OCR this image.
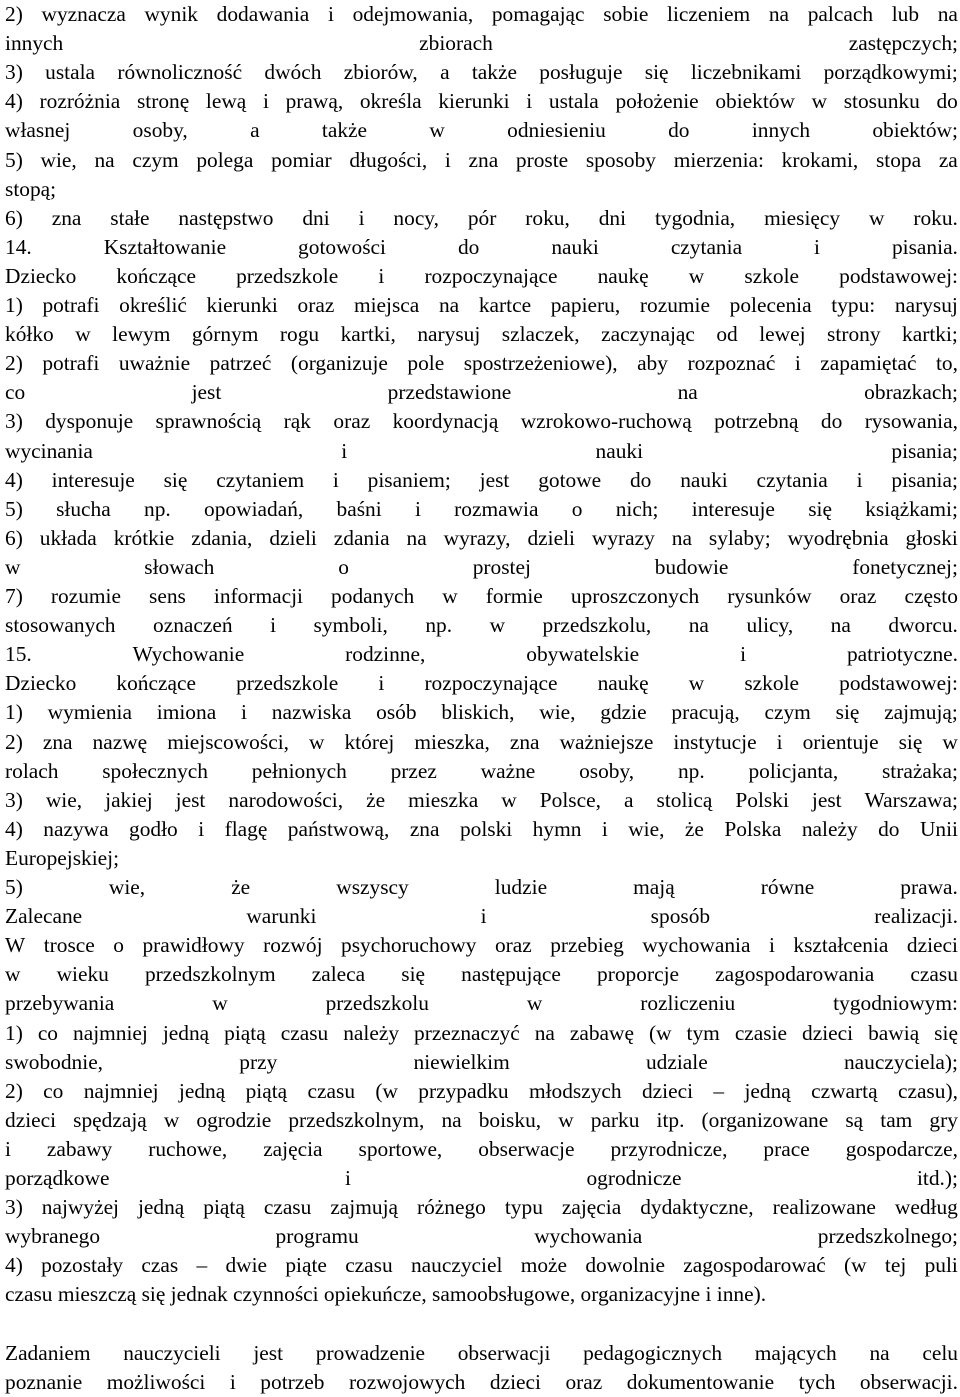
2) wyznacza wynik dodawania i odejmowania, pomagając sobie liczeniem na palcach lub na
innych	zbiorach	zastępczych;
3) ustala równoliczność dwóch zbiorów, a także posługuje się liczebnikami porządkowymi;
4) rozróżnia stronę lewą i prawą, określa kierunki i ustala położenie obiektów w stosunku do
własnej	osoby,	a	także	w	odniesieniu	do	innych	obiektów;
5) wie, na czym polega pomiar długości, i zna proste sposoby mierzenia: krokami, stopa za
stopą;
6) zna stałe następstwo dni i nocy, pór roku, dni tygodnia, miesięcy w roku.
14.	Kształtowanie	gotowości	do	nauki	czytania	i	pisania.
Dziecko kończące przedszkole i rozpoczynające naukę w szkole podstawowej:
1) potrafi określić kierunki oraz miejsca na kartce papieru, rozumie polecenia typu: narysuj
kółko w lewym górnym rogu kartki, narysuj szlaczek, zaczynając od lewej strony kartki;
2) potrafi uważnie patrzeć (organizuje pole spostrzeżeniowe), aby rozpoznać i zapamiętać to,
co	jest	przedstawione	na	obrazkach;
3) dysponuje sprawnością rąk oraz koordynacją wzrokowo-ruchową potrzebną do rysowania,
wycinania	i	nauki	pisania;
4) interesuje się czytaniem i pisaniem; jest gotowe do nauki czytania i pisania;
5) słucha np. opowiadań, baśni i rozmawia o nich; interesuje się książkami;
6) układa krótkie zdania, dzieli zdania na wyrazy, dzieli wyrazy na sylaby; wyodrębnia głoski
w	słowach	o	prostej	budowie	fonetycznej;
7) rozumie sens informacji podanych w formie uproszczonych rysunków oraz często
stosowanych oznaczeń i symboli, np. w przedszkolu, na ulicy, na dworcu.
15.	Wychowanie	rodzinne,	obywatelskie	i	patriotyczne.
Dziecko kończące przedszkole i rozpoczynające naukę w szkole podstawowej:
1) wymienia imiona i nazwiska osób bliskich, wie, gdzie pracują, czym się zajmują;
2) zna nazwę miejscowości, w której mieszka, zna ważniejsze instytucje i orientuje się w
rolach społecznych pełnionych przez ważne osoby, np. policjanta, strażaka;
3) wie, jakiej jest narodowości, że mieszka w Polsce, a stolicą Polski jest Warszawa;
4) nazywa godło i flagę państwową, zna polski hymn i wie, że Polska należy do Unii
Europejskiej;
5)	wie,	że	wszyscy	ludzie	mają	równe	prawa.
Zalecane	warunki	i	sposób	realizacji.
W trosce o prawidłowy rozwój psychoruchowy oraz przebieg wychowania i kształcenia dzieci
w wieku przedszkolnym zaleca się następujące proporcje zagospodarowania czasu
przebywania	w	przedszkolu	w	rozliczeniu	tygodniowym:
1) co najmniej jedną piątą czasu należy przeznaczyć na zabawę (w tym czasie dzieci bawią się
swobodnie,	przy	niewielkim	udziale	nauczyciela);
2) co najmniej jedną piątą czasu (w przypadku młodszych dzieci – jedną czwartą czasu),
dzieci spędzają w ogrodzie przedszkolnym, na boisku, w parku itp. (organizowane są tam gry
i zabawy ruchowe, zajęcia sportowe, obserwacje przyrodnicze, prace gospodarcze,
porządkowe	i	ogrodnicze	itd.);
3) najwyżej jedną piątą czasu zajmują różnego typu zajęcia dydaktyczne, realizowane według
wybranego	programu	wychowania	przedszkolnego;
4) pozostały czas – dwie piąte czasu nauczyciel może dowolnie zagospodarować (w tej puli
czasu mieszczą się jednak czynności opiekuńcze, samoobsługowe, organizacyjne i inne).
Zadaniem nauczycieli jest prowadzenie obserwacji pedagogicznych mających na celu
poznanie możliwości i potrzeb rozwojowych dzieci oraz dokumentowanie tych obserwacji.
